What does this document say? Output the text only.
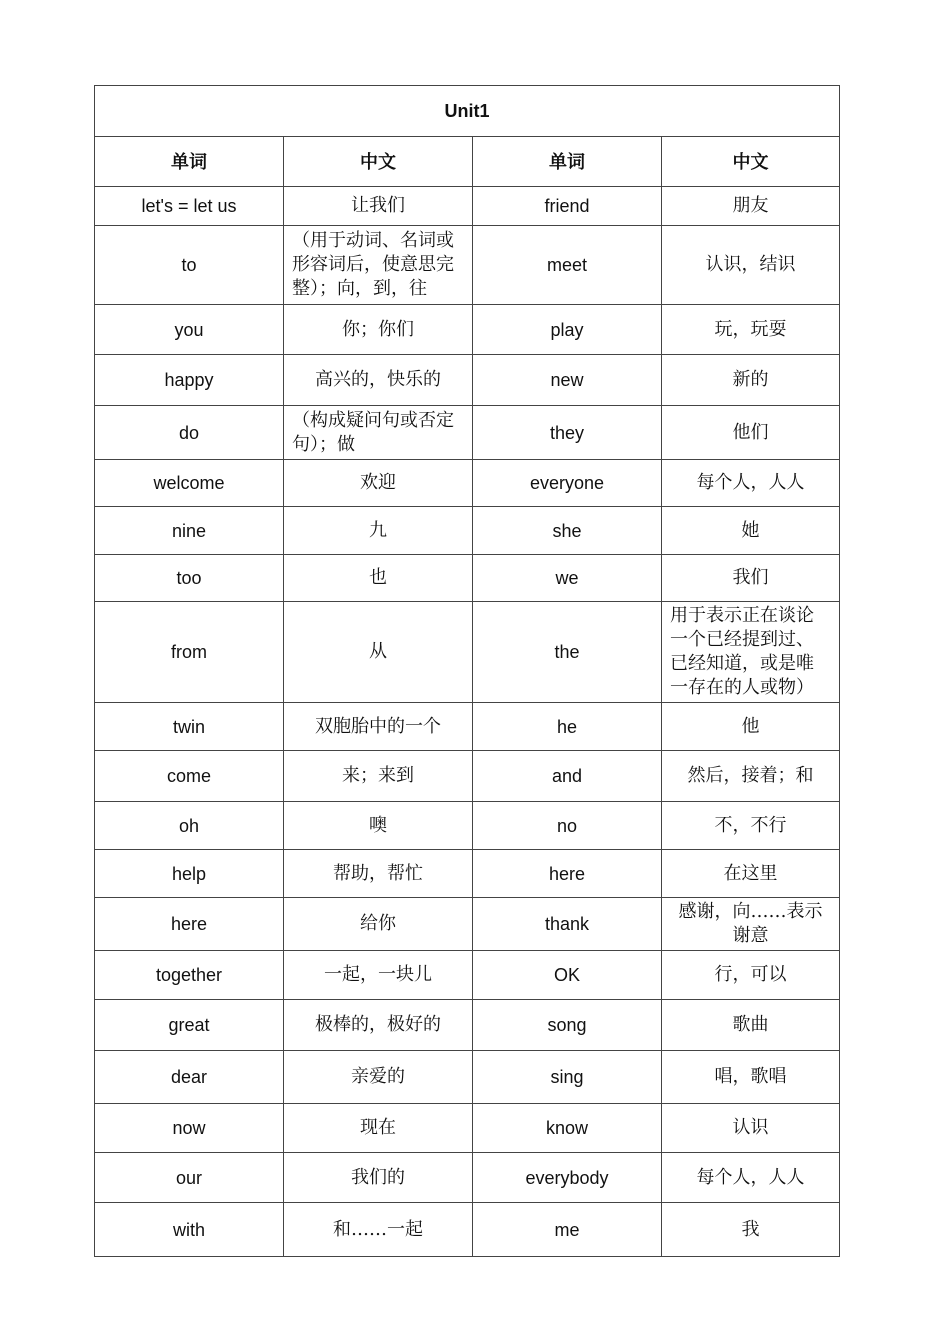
Unit1			
单词	中文	单词	中文
let's = let us	让我们	friend	朋友
to	（用于动词、名词或形容词后，使意思完整）；向，到，往	meet	认识，结识
you	你；你们	play	玩，玩耍
happy	高兴的，快乐的	new	新的
do	（构成疑问句或否定句）；做	they	他们
welcome	欢迎	everyone	每个人，人人
nine	九	she	她
too	也	we	我们
from	从	the	用于表示正在谈论一个已经提到过、已经知道，或是唯一存在的人或物）
twin	双胞胎中的一个	he	他
come	来；来到	and	然后，接着；和
oh	噢	no	不，不行
help	帮助，帮忙	here	在这里
here	给你	thank	感谢，向……表示谢意
together	一起，一块儿	OK	行，可以
great	极棒的，极好的	song	歌曲
dear	亲爱的	sing	唱，歌唱
now	现在	know	认识
our	我们的	everybody	每个人，人人
with	和……一起	me	我
